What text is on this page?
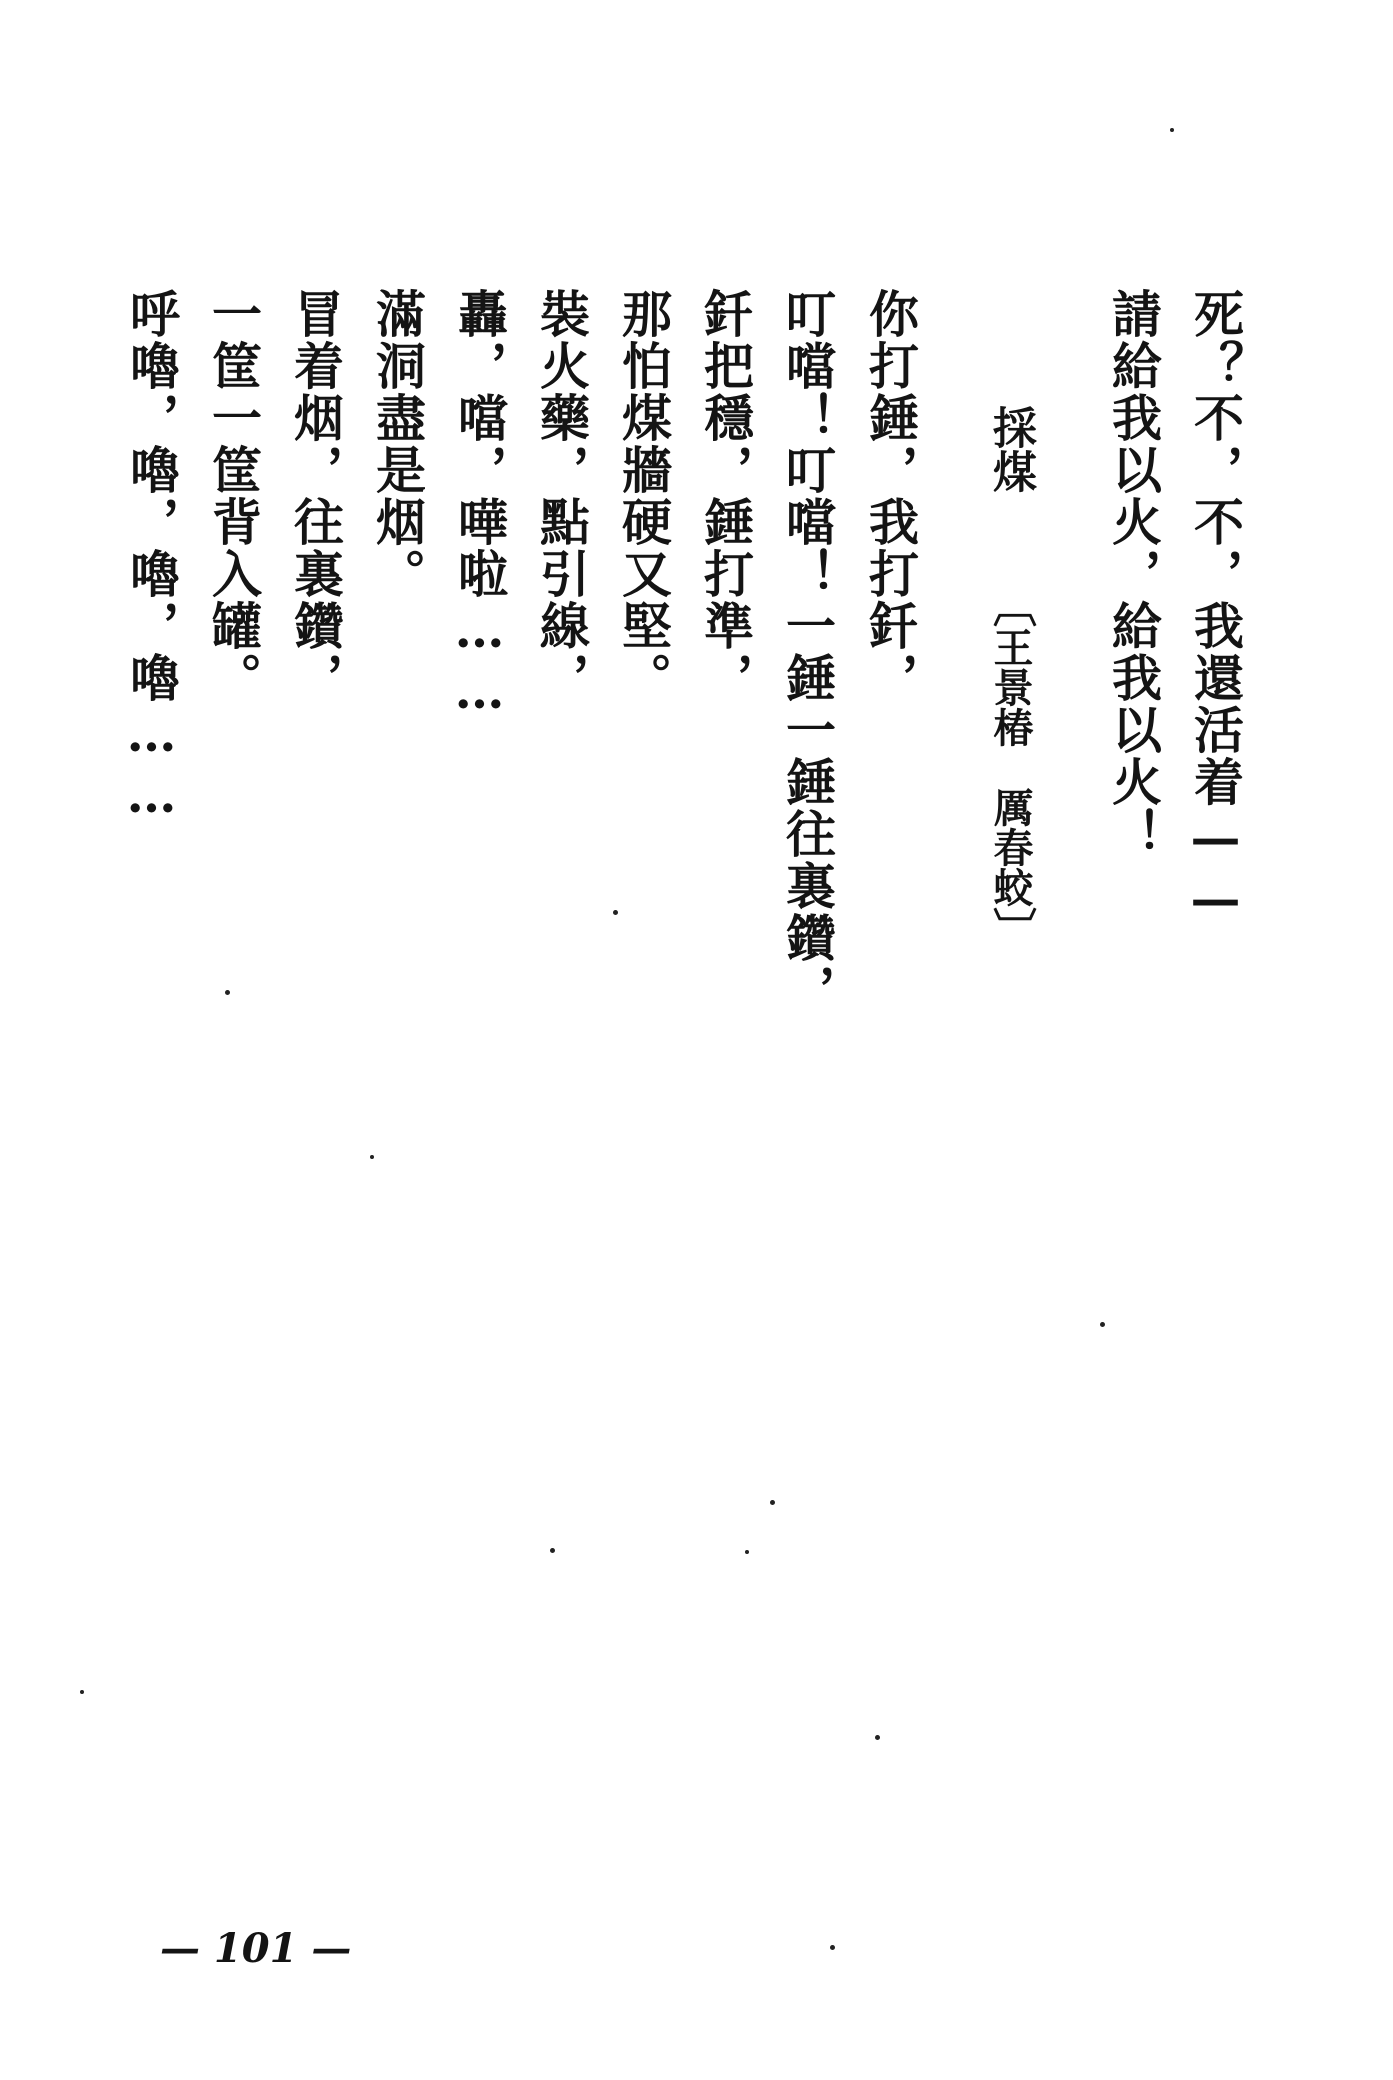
死？不，不，我還活着——
請給我以火，給我以火！
採煤〔王景椿厲春蛟〕
你打錘，我打釺，
叮噹！叮噹！一錘一錘往裏鑽，
釺把穩，錘打準，
那怕煤牆硬又堅。
裝火藥，點引線，
轟，噹，嘩啦……
滿洞盡是烟。
冒着烟，往裏鑽，
一筐一筐背入罐。
呼嚕，嚕，嚕，嚕……
— 101 —
